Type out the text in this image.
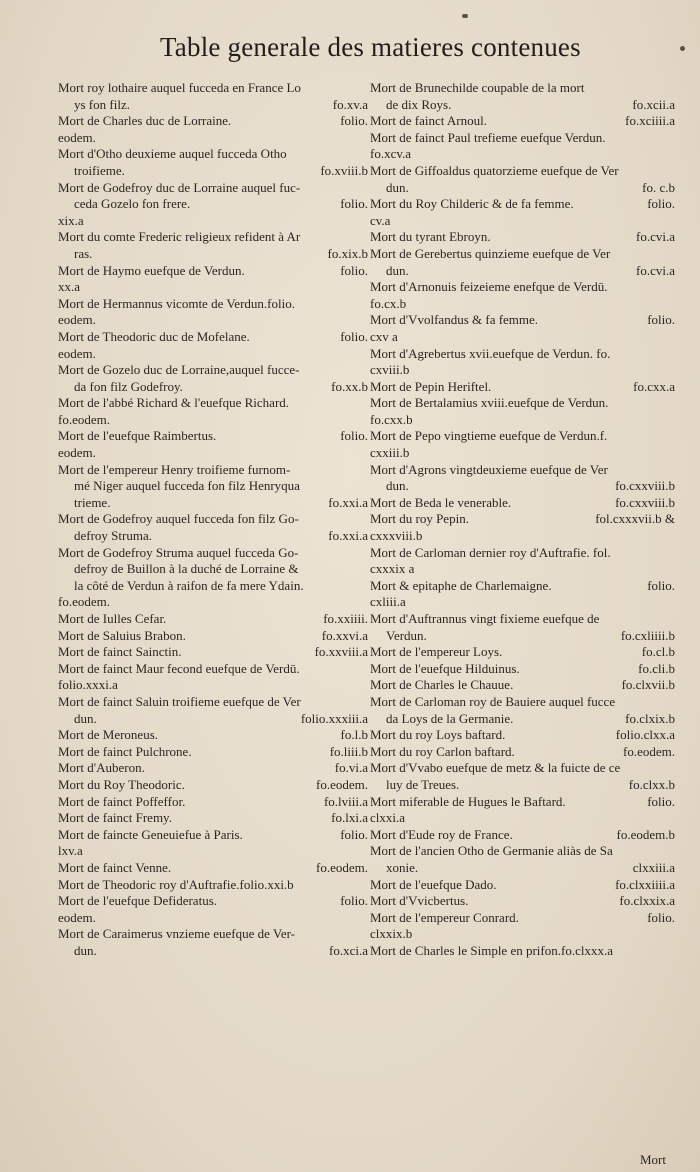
Table generale des matieres contenues
Mort roy lothaire auquel fucceda en France Lo
ys fon filz.	fo.xv.a
Mort de Charles duc de Lorraine.	folio.
eodem.
Mort d'Otho deuxieme auquel fucceda Otho
troifieme.	fo.xviii.b
Mort de Godefroy duc de Lorraine auquel fuc-
ceda Gozelo fon frere.	folio.
xix.a
Mort du comte Frederic religieux refident à Ar
ras.	fo.xix.b
Mort de Haymo euefque de Verdun.	folio.
xx.a
Mort de Hermannus vicomte de Verdun.folio.
eodem.
Mort de Theodoric duc de Mofelane.	folio.
eodem.
Mort de Gozelo duc de Lorraine,auquel fucce-
da fon filz Godefroy.	fo.xx.b
Mort de l'abbé Richard & l'euefque Richard.
fo.eodem.
Mort de l'euefque Raimbertus.	folio.
eodem.
Mort de l'empereur Henry troifieme furnom-
mé Niger auquel fucceda fon filz Henryqua
trieme.	fo.xxi.a
Mort de Godefroy auquel fucceda fon filz Go-
defroy Struma.	fo.xxi.a
Mort de Godefroy Struma auquel fucceda Go-
defroy de Buillon à la duché de Lorraine &
la côté de Verdun à raifon de fa mere Ydain.
fo.eodem.
Mort de Iulles Cefar.	fo.xxiiii.
Mort de Saluius Brabon.	fo.xxvi.a
Mort de fainct Sainctin.	fo.xxviii.a
Mort de fainct Maur fecond euefque de Verdū.
folio.xxxi.a
Mort de fainct Saluin troifieme euefque de Ver
dun.	folio.xxxiii.a
Mort de Meroneus.	fo.l.b
Mort de fainct Pulchrone.	fo.liii.b
Mort d'Auberon.	fo.vi.a
Mort du Roy Theodoric.	fo.eodem.
Mort de fainct Poffeffor.	fo.lviii.a
Mort de fainct Fremy.	fo.lxi.a
Mort de faincte Geneuiefue à Paris.	folio.
lxv.a
Mort de fainct Venne.	fo.eodem.
Mort de Theodoric roy d'Auftrafie.folio.xxi.b
Mort de l'euefque Defideratus.	folio.
eodem.
Mort de Caraimerus vnzieme euefque de Ver-
dun.	fo.xci.a
Mort de Brunechilde coupable de la mort
de dix Roys.	fo.xcii.a
Mort de fainct Arnoul.	fo.xciiii.a
Mort de fainct Paul trefieme euefque Verdun.
fo.xcv.a
Mort de Giffoaldus quatorzieme euefque de Ver
dun.	fo. c.b
Mort du Roy Childeric & de fa femme.	folio.
cv.a
Mort du tyrant Ebroyn.	fo.cvi.a
Mort de Gerebertus quinzieme euefque de Ver
dun.	fo.cvi.a
Mort d'Arnonuis feizeieme enefque de Verdū.
fo.cx.b
Mort d'Vvolfandus & fa femme.	folio.
cxv a
Mort d'Agrebertus xvii.euefque de Verdun. fo.
cxviii.b
Mort de Pepin Heriftel.	fo.cxx.a
Mort de Bertalamius xviii.euefque de Verdun.
fo.cxx.b
Mort de Pepo vingtieme euefque de Verdun.f.
cxxiii.b
Mort d'Agrons vingtdeuxieme euefque de Ver
dun.	fo.cxxviii.b
Mort de Beda le venerable.	fo.cxxviii.b
Mort du roy Pepin.	fol.cxxxvii.b &
cxxxviii.b
Mort de Carloman dernier roy d'Auftrafie. fol.
cxxxix a
Mort & epitaphe de Charlemaigne.	folio.
cxliii.a
Mort d'Auftrannus vingt fixieme euefque de
Verdun.	fo.cxliiii.b
Mort de l'empereur Loys.	fo.cl.b
Mort de l'euefque Hilduinus.	fo.cli.b
Mort de Charles le Chauue.	fo.clxvii.b
Mort de Carloman roy de Bauiere auquel fucce
da Loys de la Germanie.	fo.clxix.b
Mort du roy Loys baftard.	folio.clxx.a
Mort du roy Carlon baftard.	fo.eodem.
Mort d'Vvabo euefque de metz & la fuicte de ce
luy de Treues.	fo.clxx.b
Mort miferable de Hugues le Baftard.	folio.
clxxi.a
Mort d'Eude roy de France.	fo.eodem.b
Mort de l'ancien Otho de Germanie aliàs de Sa
xonie.	clxxiii.a
Mort de l'euefque Dado.	fo.clxxiiii.a
Mort d'Vvicbertus.	fo.clxxix.a
Mort de l'empereur Conrard.	folio.
clxxix.b
Mort de Charles le Simple en prifon.fo.clxxx.a
Mort
